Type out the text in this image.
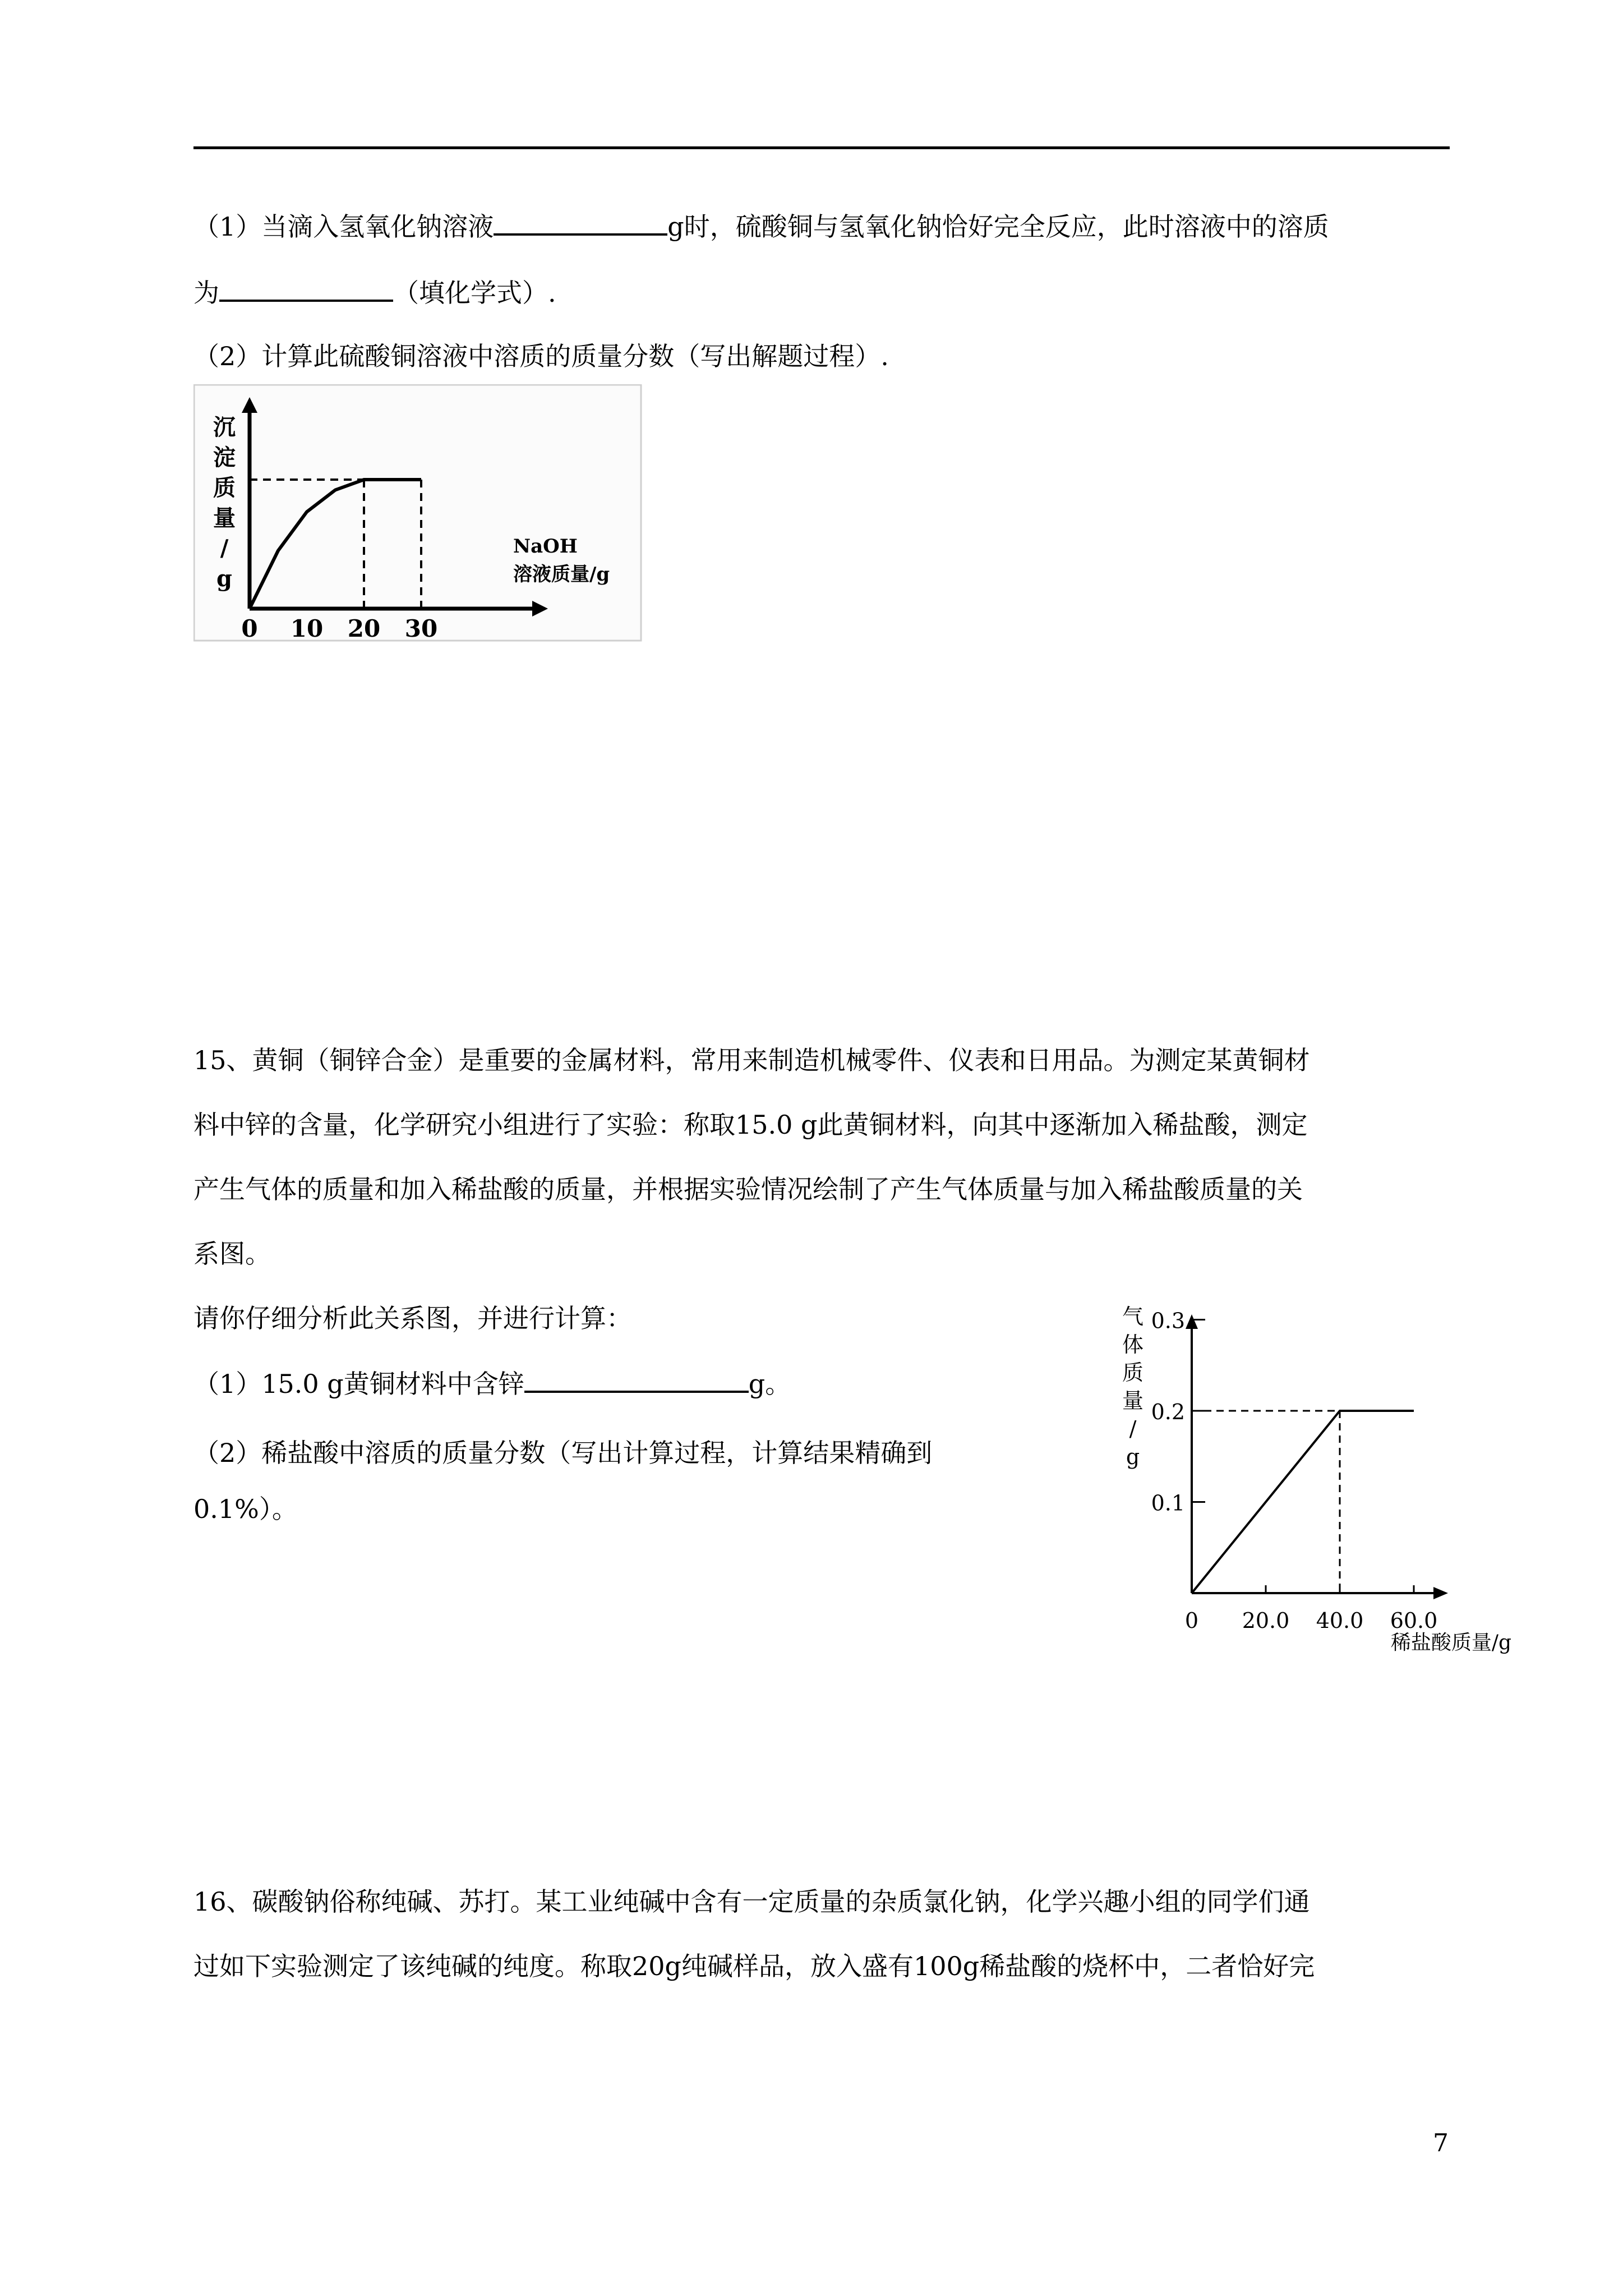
（1）当滴入氢氧化钠溶液	g时，硫酸铜与氢氧化钠恰好完全反应，此时溶液中的溶质
为	（填化学式）.
（2）计算此硫酸铜溶液中溶质的质量分数（写出解题过程）.
0 10 20 30
沉
淀
质
量
/
g
NaOH
溶液质量/g
15、黄铜（铜锌合金）是重要的金属材料，常用来制造机械零件、仪表和日用品。为测定某黄铜材
料中锌的含量，化学研究小组进行了实验：称取15.0 g此黄铜材料，向其中逐渐加入稀盐酸，测定
产生气体的质量和加入稀盐酸的质量，并根据实验情况绘制了产生气体质量与加入稀盐酸质量的关
系图。
请你仔细分析此关系图，并进行计算：
（1）15.0 g黄铜材料中含锌	g。
（2）稀盐酸中溶质的质量分数（写出计算过程，计算结果精确到
0.1%）。	0.1
0.2
0.3
0 20.0 40.0 60.0
气
体
质
量
/
g
稀盐酸质量/g
16、碳酸钠俗称纯碱、苏打。某工业纯碱中含有一定质量的杂质氯化钠，化学兴趣小组的同学们通
过如下实验测定了该纯碱的纯度。称取20g纯碱样品，放入盛有100g稀盐酸的烧杯中，二者恰好完
7
